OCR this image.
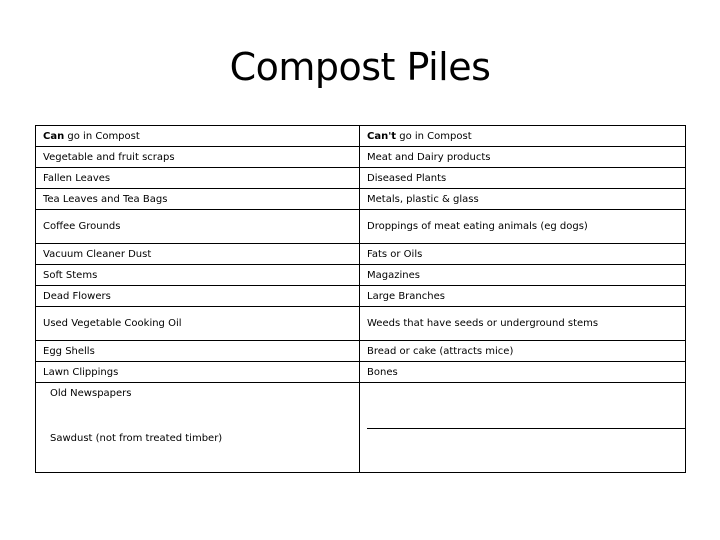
Compost Piles
Can go in Compost	Can't go in Compost
Vegetable and fruit scraps	Meat and Dairy products
Fallen Leaves	Diseased Plants
Tea Leaves and Tea Bags	Metals, plastic & glass
Coffee Grounds	Droppings of meat eating animals (eg dogs)
Vacuum Cleaner Dust	Fats or Oils
Soft Stems	Magazines
Dead Flowers	Large Branches
Used Vegetable Cooking Oil	Weeds that have seeds or underground stems
Egg Shells	Bread or cake (attracts mice)
Lawn Clippings	Bones

Old Newspapers
Sawdust (not from treated timber)	
